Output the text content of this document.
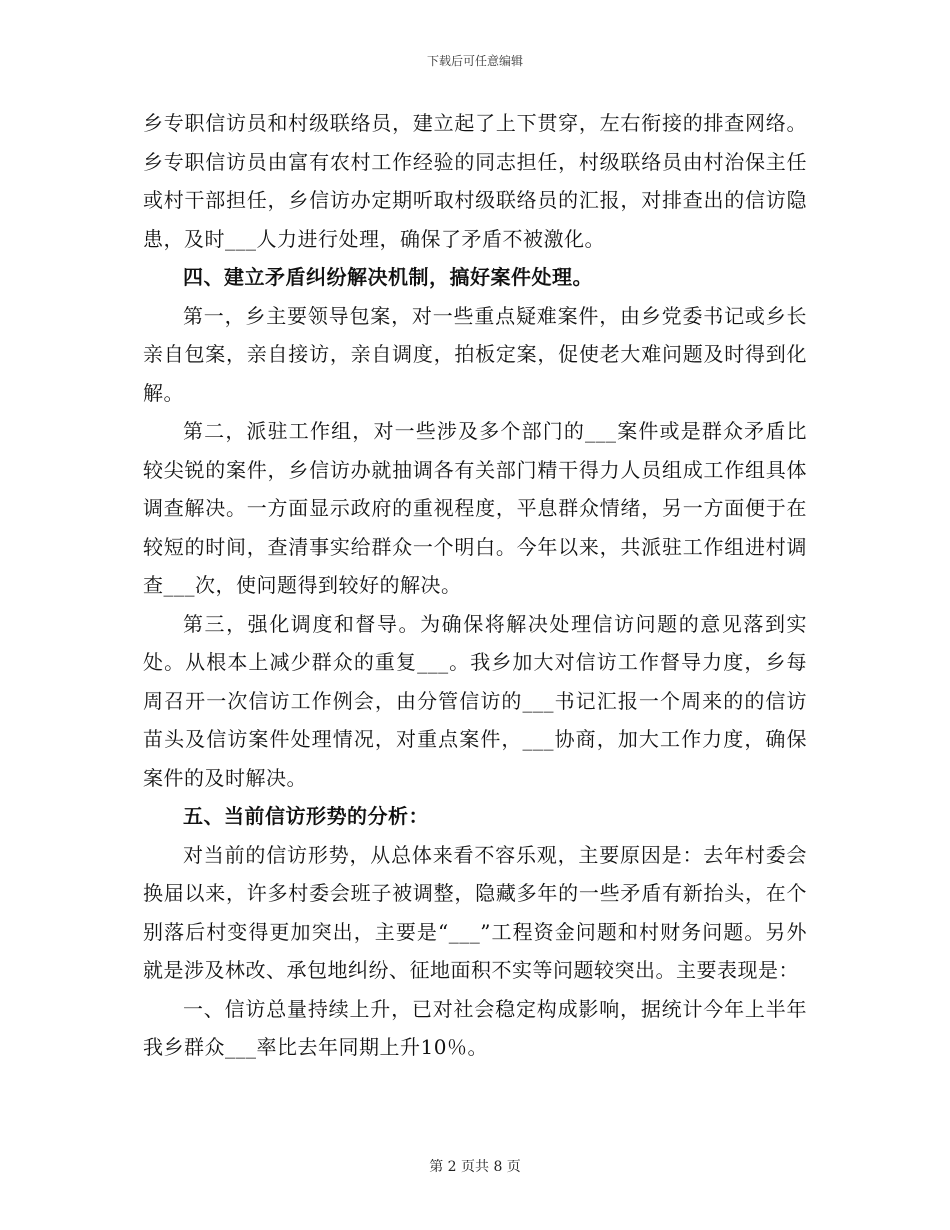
下载后可任意编辑

乡专职信访员和村级联络员，建立起了上下贯穿，左右衔接的排查网络。乡专职信访员由富有农村工作经验的同志担任，村级联络员由村治保主任或村干部担任，乡信访办定期听取村级联络员的汇报，对排查出的信访隐患，及时___人力进行处理，确保了矛盾不被激化。

四、建立矛盾纠纷解决机制，搞好案件处理。

第一，乡主要领导包案，对一些重点疑难案件，由乡党委书记或乡长亲自包案，亲自接访，亲自调度，拍板定案，促使老大难问题及时得到化解。

第二，派驻工作组，对一些涉及多个部门的___案件或是群众矛盾比较尖锐的案件，乡信访办就抽调各有关部门精干得力人员组成工作组具体调查解决。一方面显示政府的重视程度，平息群众情绪，另一方面便于在较短的时间，查清事实给群众一个明白。今年以来，共派驻工作组进村调查___次，使问题得到较好的解决。

第三，强化调度和督导。为确保将解决处理信访问题的意见落到实处。从根本上减少群众的重复___。我乡加大对信访工作督导力度，乡每周召开一次信访工作例会，由分管信访的___书记汇报一个周来的的信访苗头及信访案件处理情况，对重点案件，___协商，加大工作力度，确保案件的及时解决。

五、当前信访形势的分析：

对当前的信访形势，从总体来看不容乐观，主要原因是：去年村委会换届以来，许多村委会班子被调整，隐藏多年的一些矛盾有新抬头，在个别落后村变得更加突出，主要是“___”工程资金问题和村财务问题。另外就是涉及林改、承包地纠纷、征地面积不实等问题较突出。主要表现是：

一、信访总量持续上升，已对社会稳定构成影响，据统计今年上半年我乡群众___率比去年同期上升10％。

第 2 页共 8 页
